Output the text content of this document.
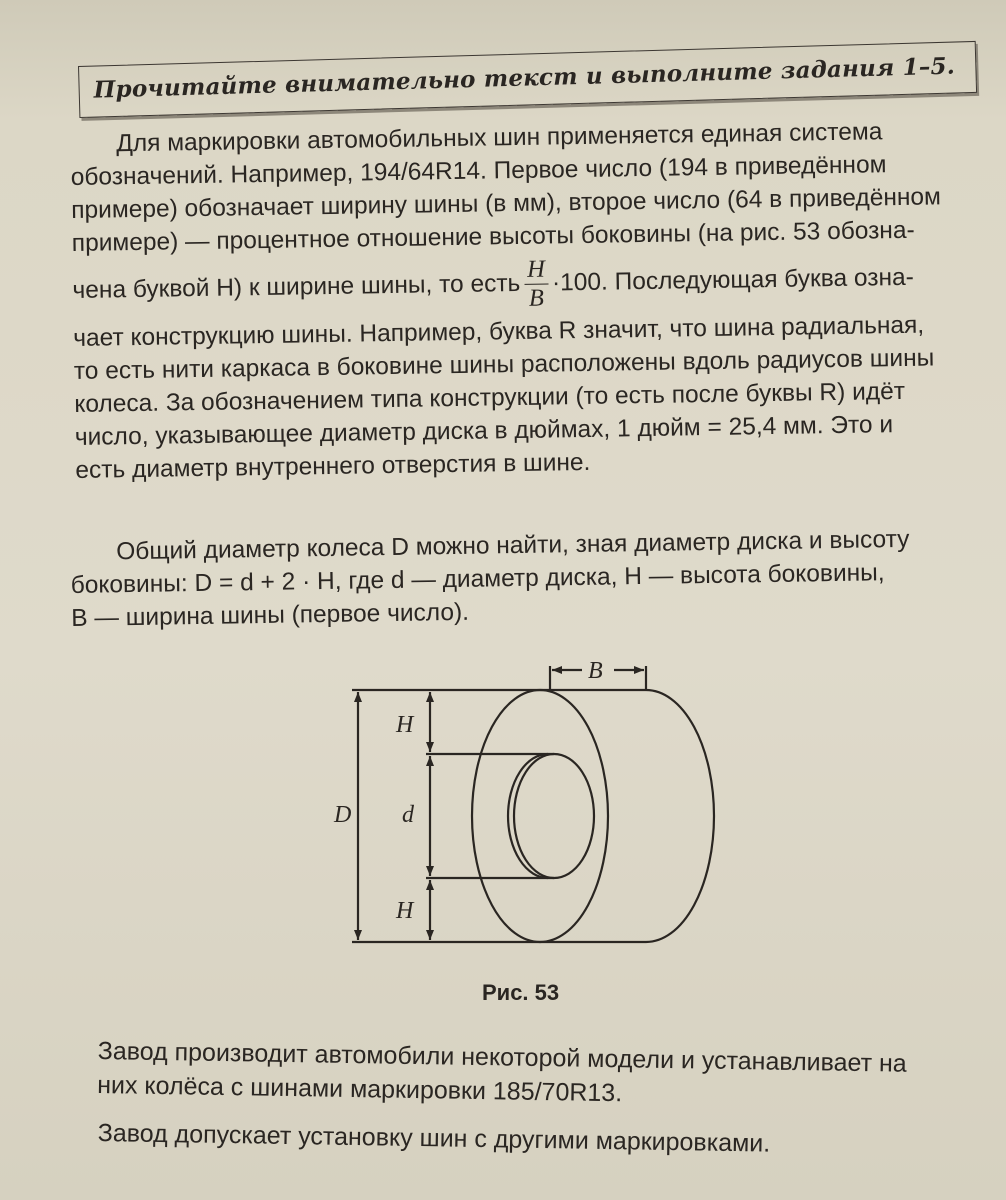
Прочитайте внимательно текст и выполните задания 1–5.

Для маркировки автомобильных шин применяется единая система
обозначений. Например, 194/64R14. Первое число (194 в приведённом
примере) обозначает ширину шины (в мм), второе число (64 в приведённом
примере) — процентное отношение высоты боковины (на рис. 53 обозна-
чена буквой H) к ширине шины, то есть $\frac{H}{B} \cdot 100$. Последующая буква озна-
чает конструкцию шины. Например, буква R значит, что шина радиальная,
то есть нити каркаса в боковине шины расположены вдоль радиусов шины
колеса. За обозначением типа конструкции (то есть после буквы R) идёт
число, указывающее диаметр диска в дюймах, 1 дюйм = 25,4 мм. Это и
есть диаметр внутреннего отверстия в шине.

Общий диаметр колеса D можно найти, зная диаметр диска и высоту
боковины: D = d + 2 · H, где d — диаметр диска, H — высота боковины,
B — ширина шины (первое число).

B
H
d
D
H
Рис. 53

Завод производит автомобили некоторой модели и устанавливает на
них колёса с шинами маркировки 185/70R13.

Завод допускает установку шин с другими маркировками.
